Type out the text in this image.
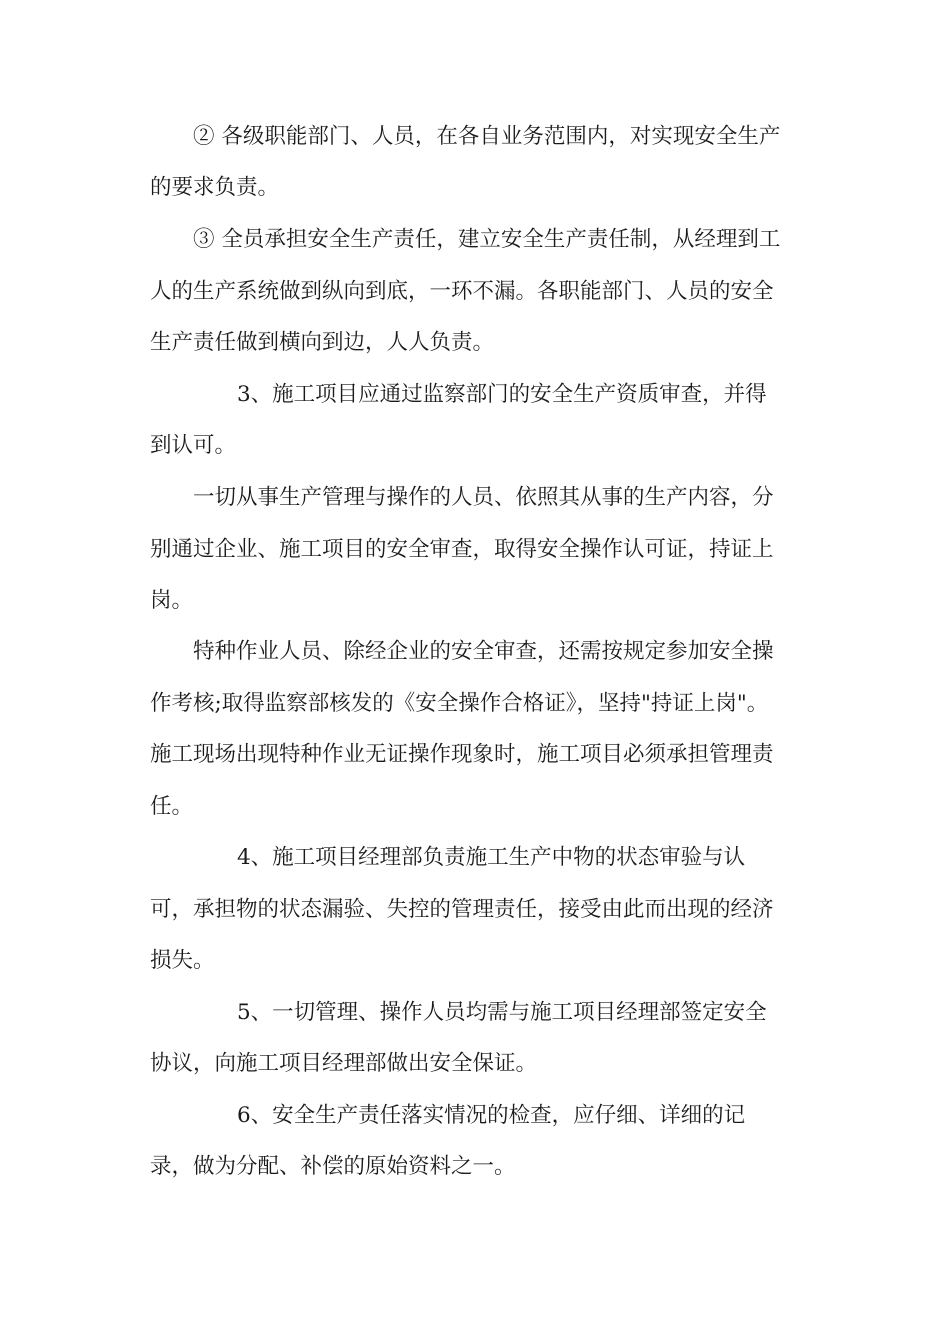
② 各级职能部门、人员，在各自业务范围内，对实现安全生产

的要求负责。

③ 全员承担安全生产责任，建立安全生产责任制，从经理到工

人的生产系统做到纵向到底，一环不漏。各职能部门、人员的安全

生产责任做到横向到边，人人负责。

3、施工项目应通过监察部门的安全生产资质审查，并得

到认可。

一切从事生产管理与操作的人员、依照其从事的生产内容，分

别通过企业、施工项目的安全审查，取得安全操作认可证，持证上

岗。

特种作业人员、除经企业的安全审查，还需按规定参加安全操

作考核;取得监察部核发的《安全操作合格证》，坚持"持证上岗"。

施工现场出现特种作业无证操作现象时，施工项目必须承担管理责

任。

4、施工项目经理部负责施工生产中物的状态审验与认

可，承担物的状态漏验、失控的管理责任，接受由此而出现的经济

损失。

5、一切管理、操作人员均需与施工项目经理部签定安全

协议，向施工项目经理部做出安全保证。

6、安全生产责任落实情况的检查，应仔细、详细的记

录，做为分配、补偿的原始资料之一。
